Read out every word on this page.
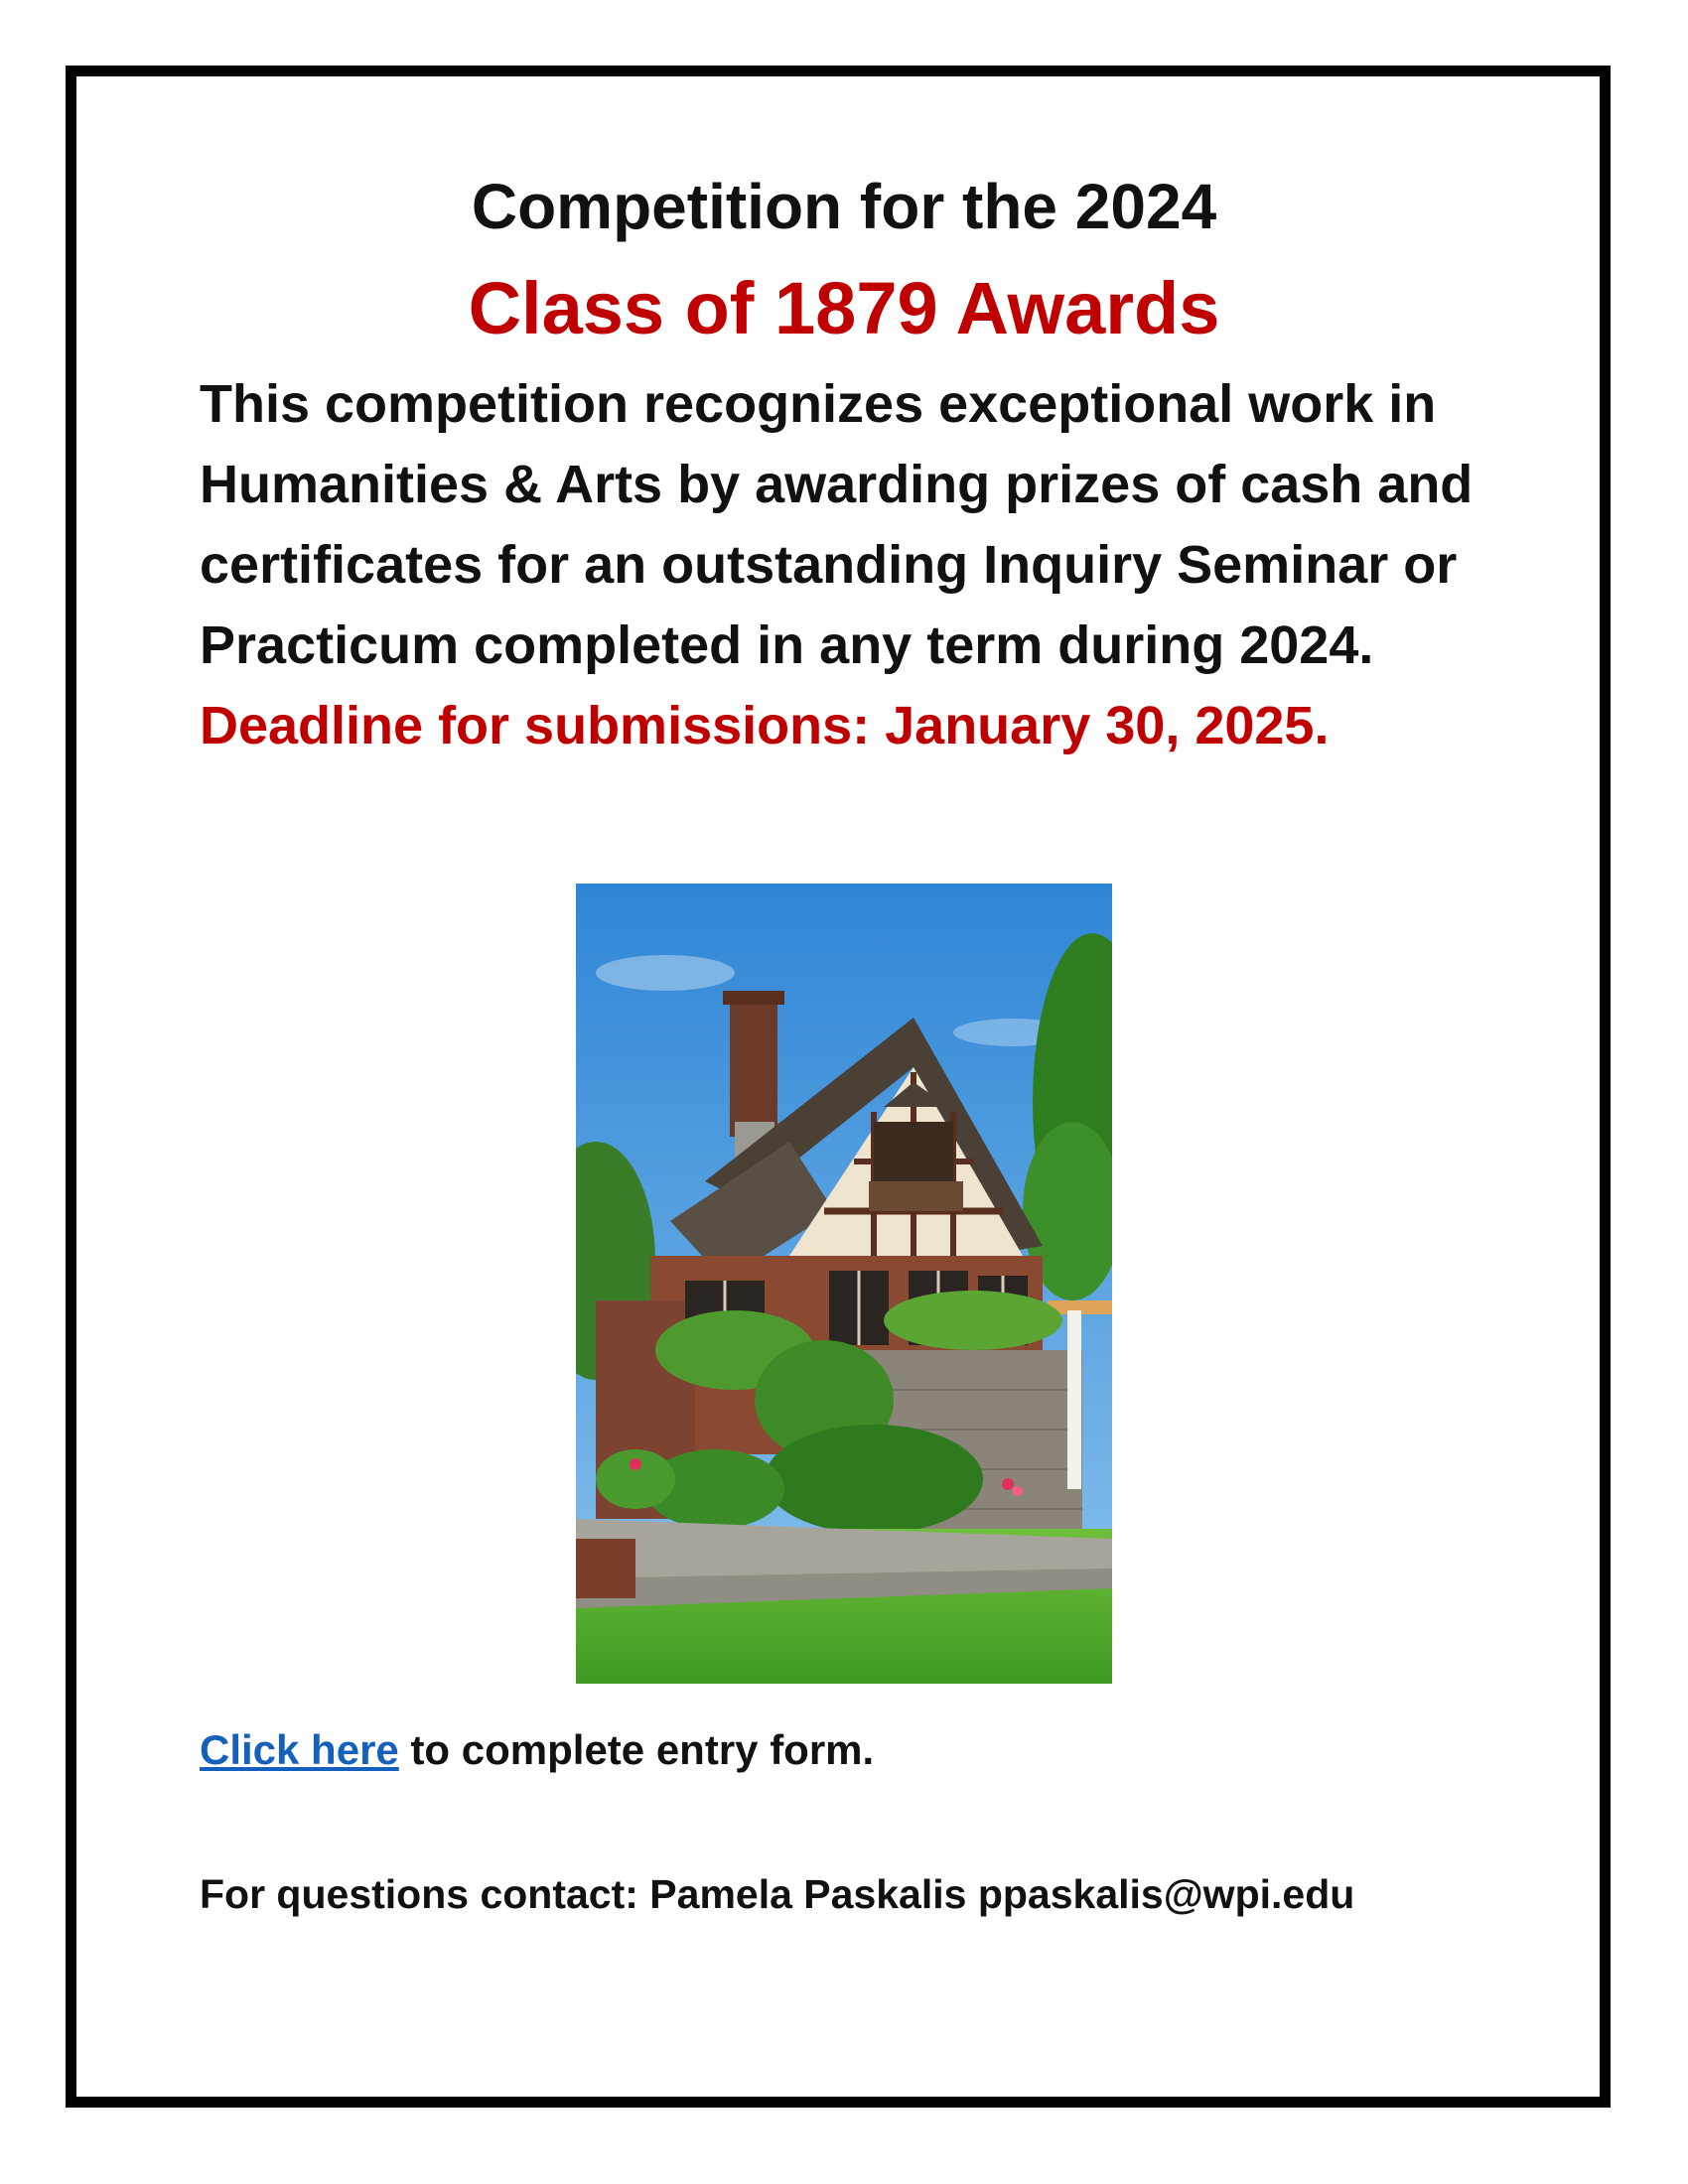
Competition for the 2024
Class of 1879 Awards
This competition recognizes exceptional work in Humanities & Arts by awarding prizes of cash and certificates for an outstanding Inquiry Seminar or Practicum completed in any term during 2024. Deadline for submissions: January 30, 2025.
Click here to complete entry form.
For questions contact: Pamela Paskalis ppaskalis@wpi.edu
